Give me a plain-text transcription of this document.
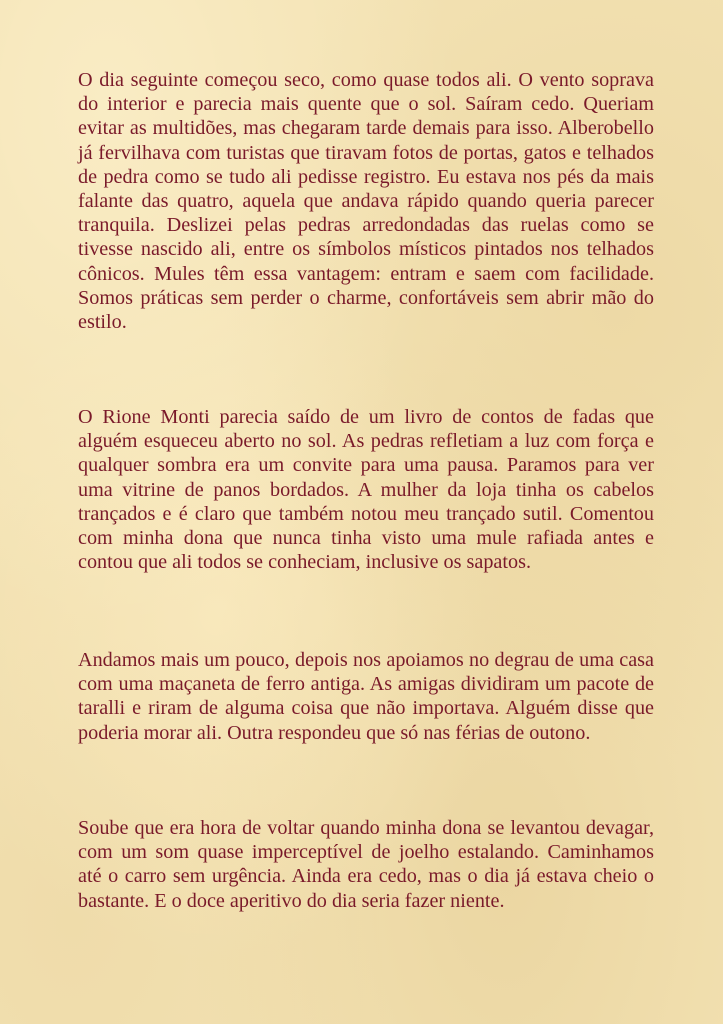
O dia seguinte começou seco, como quase todos ali. O vento soprava do interior e parecia mais quente que o sol. Saíram cedo. Queriam evitar as multidões, mas chegaram tarde demais para isso. Alberobello já fervilhava com turistas que tiravam fotos de portas, gatos e telhados de pedra como se tudo ali pedisse registro. Eu estava nos pés da mais falante das quatro, aquela que andava rápido quando queria parecer tranquila. Deslizei pelas pedras arredondadas das ruelas como se tivesse nascido ali, entre os símbolos místicos pintados nos telhados cônicos. Mules têm essa vantagem: entram e saem com facilidade. Somos práticas sem perder o charme, confortáveis sem abrir mão do estilo.

O Rione Monti parecia saído de um livro de contos de fadas que alguém esqueceu aberto no sol. As pedras refletiam a luz com força e qualquer sombra era um convite para uma pausa. Paramos para ver uma vitrine de panos bordados. A mulher da loja tinha os cabelos trançados e é claro que também notou meu trançado sutil. Comentou com minha dona que nunca tinha visto uma mule rafiada antes e contou que ali todos se conheciam, inclusive os sapatos.

Andamos mais um pouco, depois nos apoiamos no degrau de uma casa com uma maçaneta de ferro antiga. As amigas dividiram um pacote de taralli e riram de alguma coisa que não importava. Alguém disse que poderia morar ali. Outra respondeu que só nas férias de outono.

Soube que era hora de voltar quando minha dona se levantou devagar, com um som quase imperceptível de joelho estalando. Caminhamos até o carro sem urgência. Ainda era cedo, mas o dia já estava cheio o bastante. E o doce aperitivo do dia seria fazer niente.
